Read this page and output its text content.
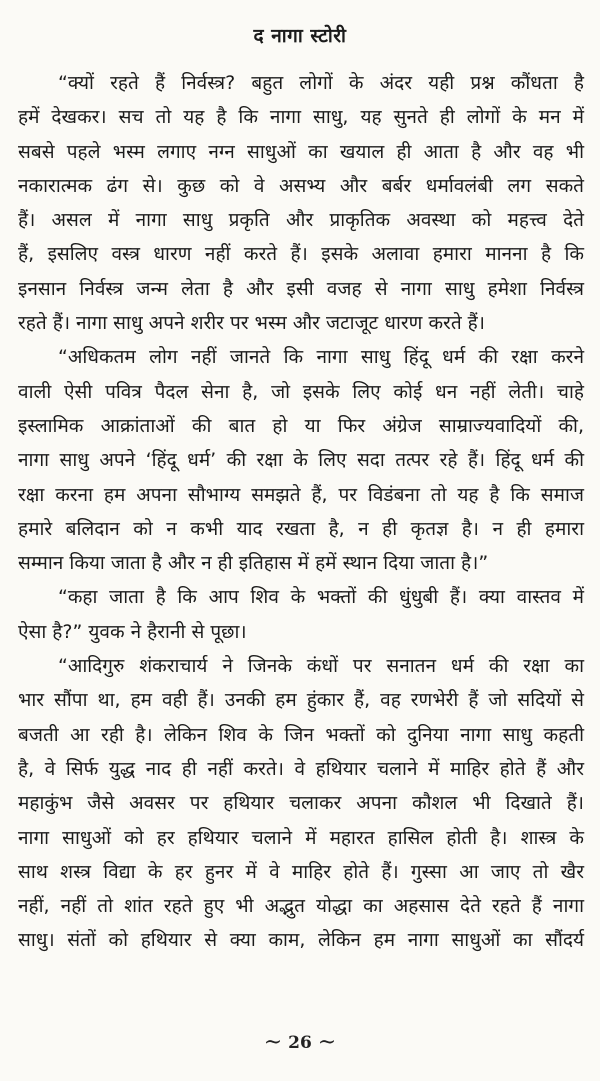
द नागा स्टोरी
“क्यों रहते हैं निर्वस्त्र? बहुत लोगों के अंदर यही प्रश्न कौंधता है
हमें देखकर। सच तो यह है कि नागा साधु, यह सुनते ही लोगों के मन में
सबसे पहले भस्म लगाए नग्न साधुओं का खयाल ही आता है और वह भी
नकारात्मक ढंग से। कुछ को वे असभ्य और बर्बर धर्मावलंबी लग सकते
हैं। असल में नागा साधु प्रकृति और प्राकृतिक अवस्था को महत्त्व देते
हैं, इसलिए वस्त्र धारण नहीं करते हैं। इसके अलावा हमारा मानना है कि
इनसान निर्वस्त्र जन्म लेता है और इसी वजह से नागा साधु हमेशा निर्वस्त्र
रहते हैं। नागा साधु अपने शरीर पर भस्म और जटाजूट धारण करते हैं।
“अधिकतम लोग नहीं जानते कि नागा साधु हिंदू धर्म की रक्षा करने
वाली ऐसी पवित्र पैदल सेना है, जो इसके लिए कोई धन नहीं लेती। चाहे
इस्लामिक आक्रांताओं की बात हो या फिर अंग्रेज साम्राज्यवादियों की,
नागा साधु अपने ‘हिंदू धर्म’ की रक्षा के लिए सदा तत्पर रहे हैं। हिंदू धर्म की
रक्षा करना हम अपना सौभाग्य समझते हैं, पर विडंबना तो यह है कि समाज
हमारे बलिदान को न कभी याद रखता है, न ही कृतज्ञ है। न ही हमारा
सम्मान किया जाता है और न ही इतिहास में हमें स्थान दिया जाता है।”
“कहा जाता है कि आप शिव के भक्तों की धुंधुबी हैं। क्या वास्तव में
ऐसा है?” युवक ने हैरानी से पूछा।
“आदिगुरु शंकराचार्य ने जिनके कंधों पर सनातन धर्म की रक्षा का
भार सौंपा था, हम वही हैं। उनकी हम हुंकार हैं, वह रणभेरी हैं जो सदियों से
बजती आ रही है। लेकिन शिव के जिन भक्तों को दुनिया नागा साधु कहती
है, वे सिर्फ युद्ध नाद ही नहीं करते। वे हथियार चलाने में माहिर होते हैं और
महाकुंभ जैसे अवसर पर हथियार चलाकर अपना कौशल भी दिखाते हैं।
नागा साधुओं को हर हथियार चलाने में महारत हासिल होती है। शास्त्र के
साथ शस्त्र विद्या के हर हुनर में वे माहिर होते हैं। गुस्सा आ जाए तो खैर
नहीं, नहीं तो शांत रहते हुए भी अद्भुत योद्धा का अहसास देते रहते हैं नागा
साधु। संतों को हथियार से क्या काम, लेकिन हम नागा साधुओं का सौंदर्य
~ 26 ~
